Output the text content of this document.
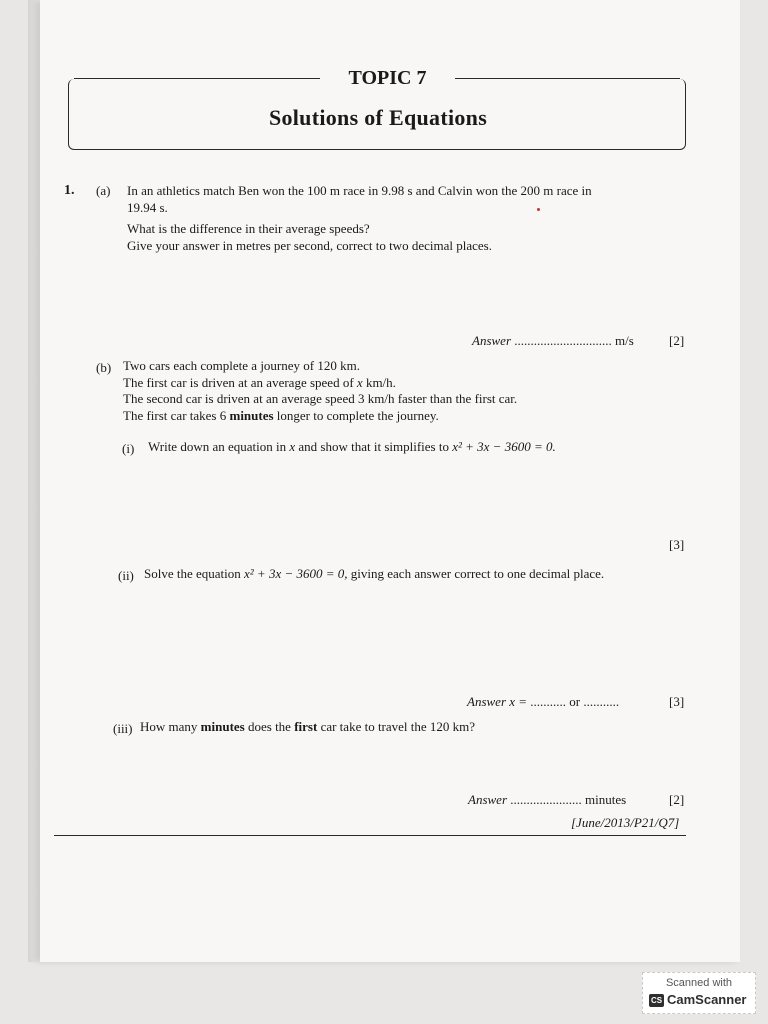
TOPIC 7
Solutions of Equations
1. (a) In an athletics match Ben won the 100 m race in 9.98 s and Calvin won the 200 m race in
19.94 s.
What is the difference in their average speeds?
Give your answer in metres per second, correct to two decimal places.
Answer .............................. m/s	[2]
(b) Two cars each complete a journey of 120 km.
The first car is driven at an average speed of x km/h.
The second car is driven at an average speed 3 km/h faster than the first car.
The first car takes 6 minutes longer to complete the journey.
(i) Write down an equation in x and show that it simplifies to x² + 3x − 3600 = 0.
[3]
(ii) Solve the equation x² + 3x − 3600 = 0, giving each answer correct to one decimal place.
Answer x = ........... or ...........	[3]
(iii) How many minutes does the first car take to travel the 120 km?
Answer ...................... minutes	[2]
[June/2013/P21/Q7]
Scanned with
CS CamScanner
